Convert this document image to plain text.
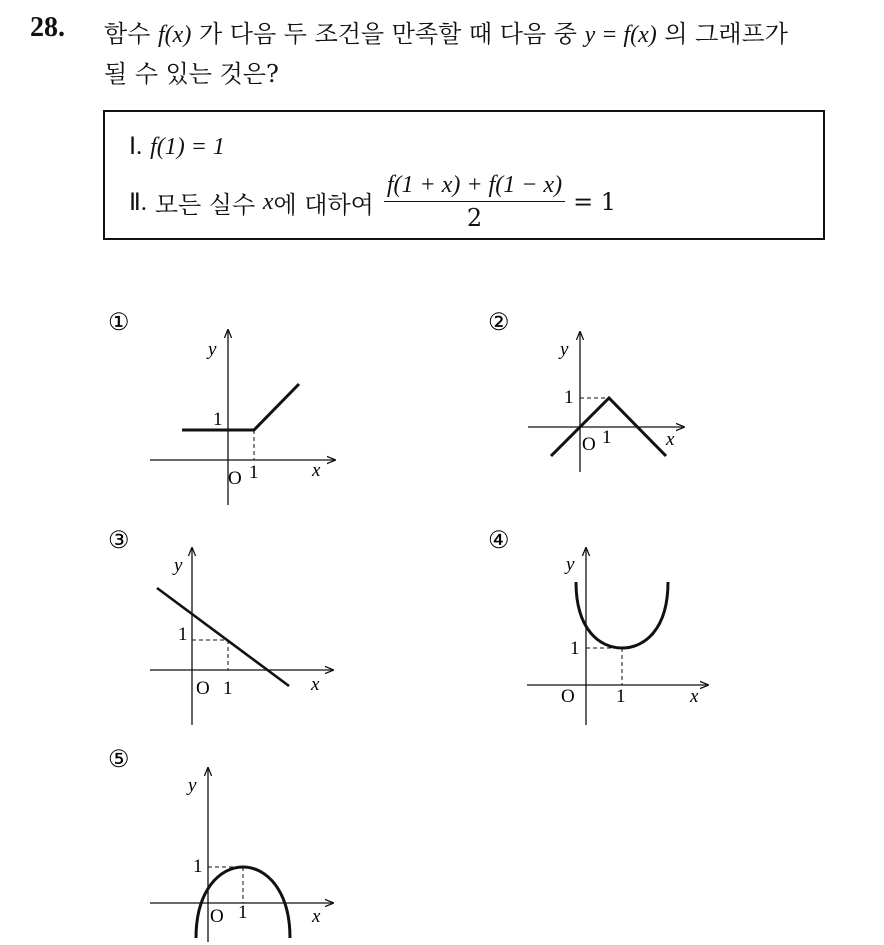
28. 함수 f(x) 가 다음 두 조건을 만족할 때 다음 중 y = f(x) 의 그래프가
될 수 있는 것은?
Ⅰ. f(1) = 1
Ⅱ. 모든 실수
x 에 대하여 $\frac{f(1 + x) + f(1 - x)}{2} = 1$
①
y
x
O 1
1
②
y
x
O 1
1
③
y
x
O 1
1
④
y
x
O 1
1
⑤
y
x
O 1
1
